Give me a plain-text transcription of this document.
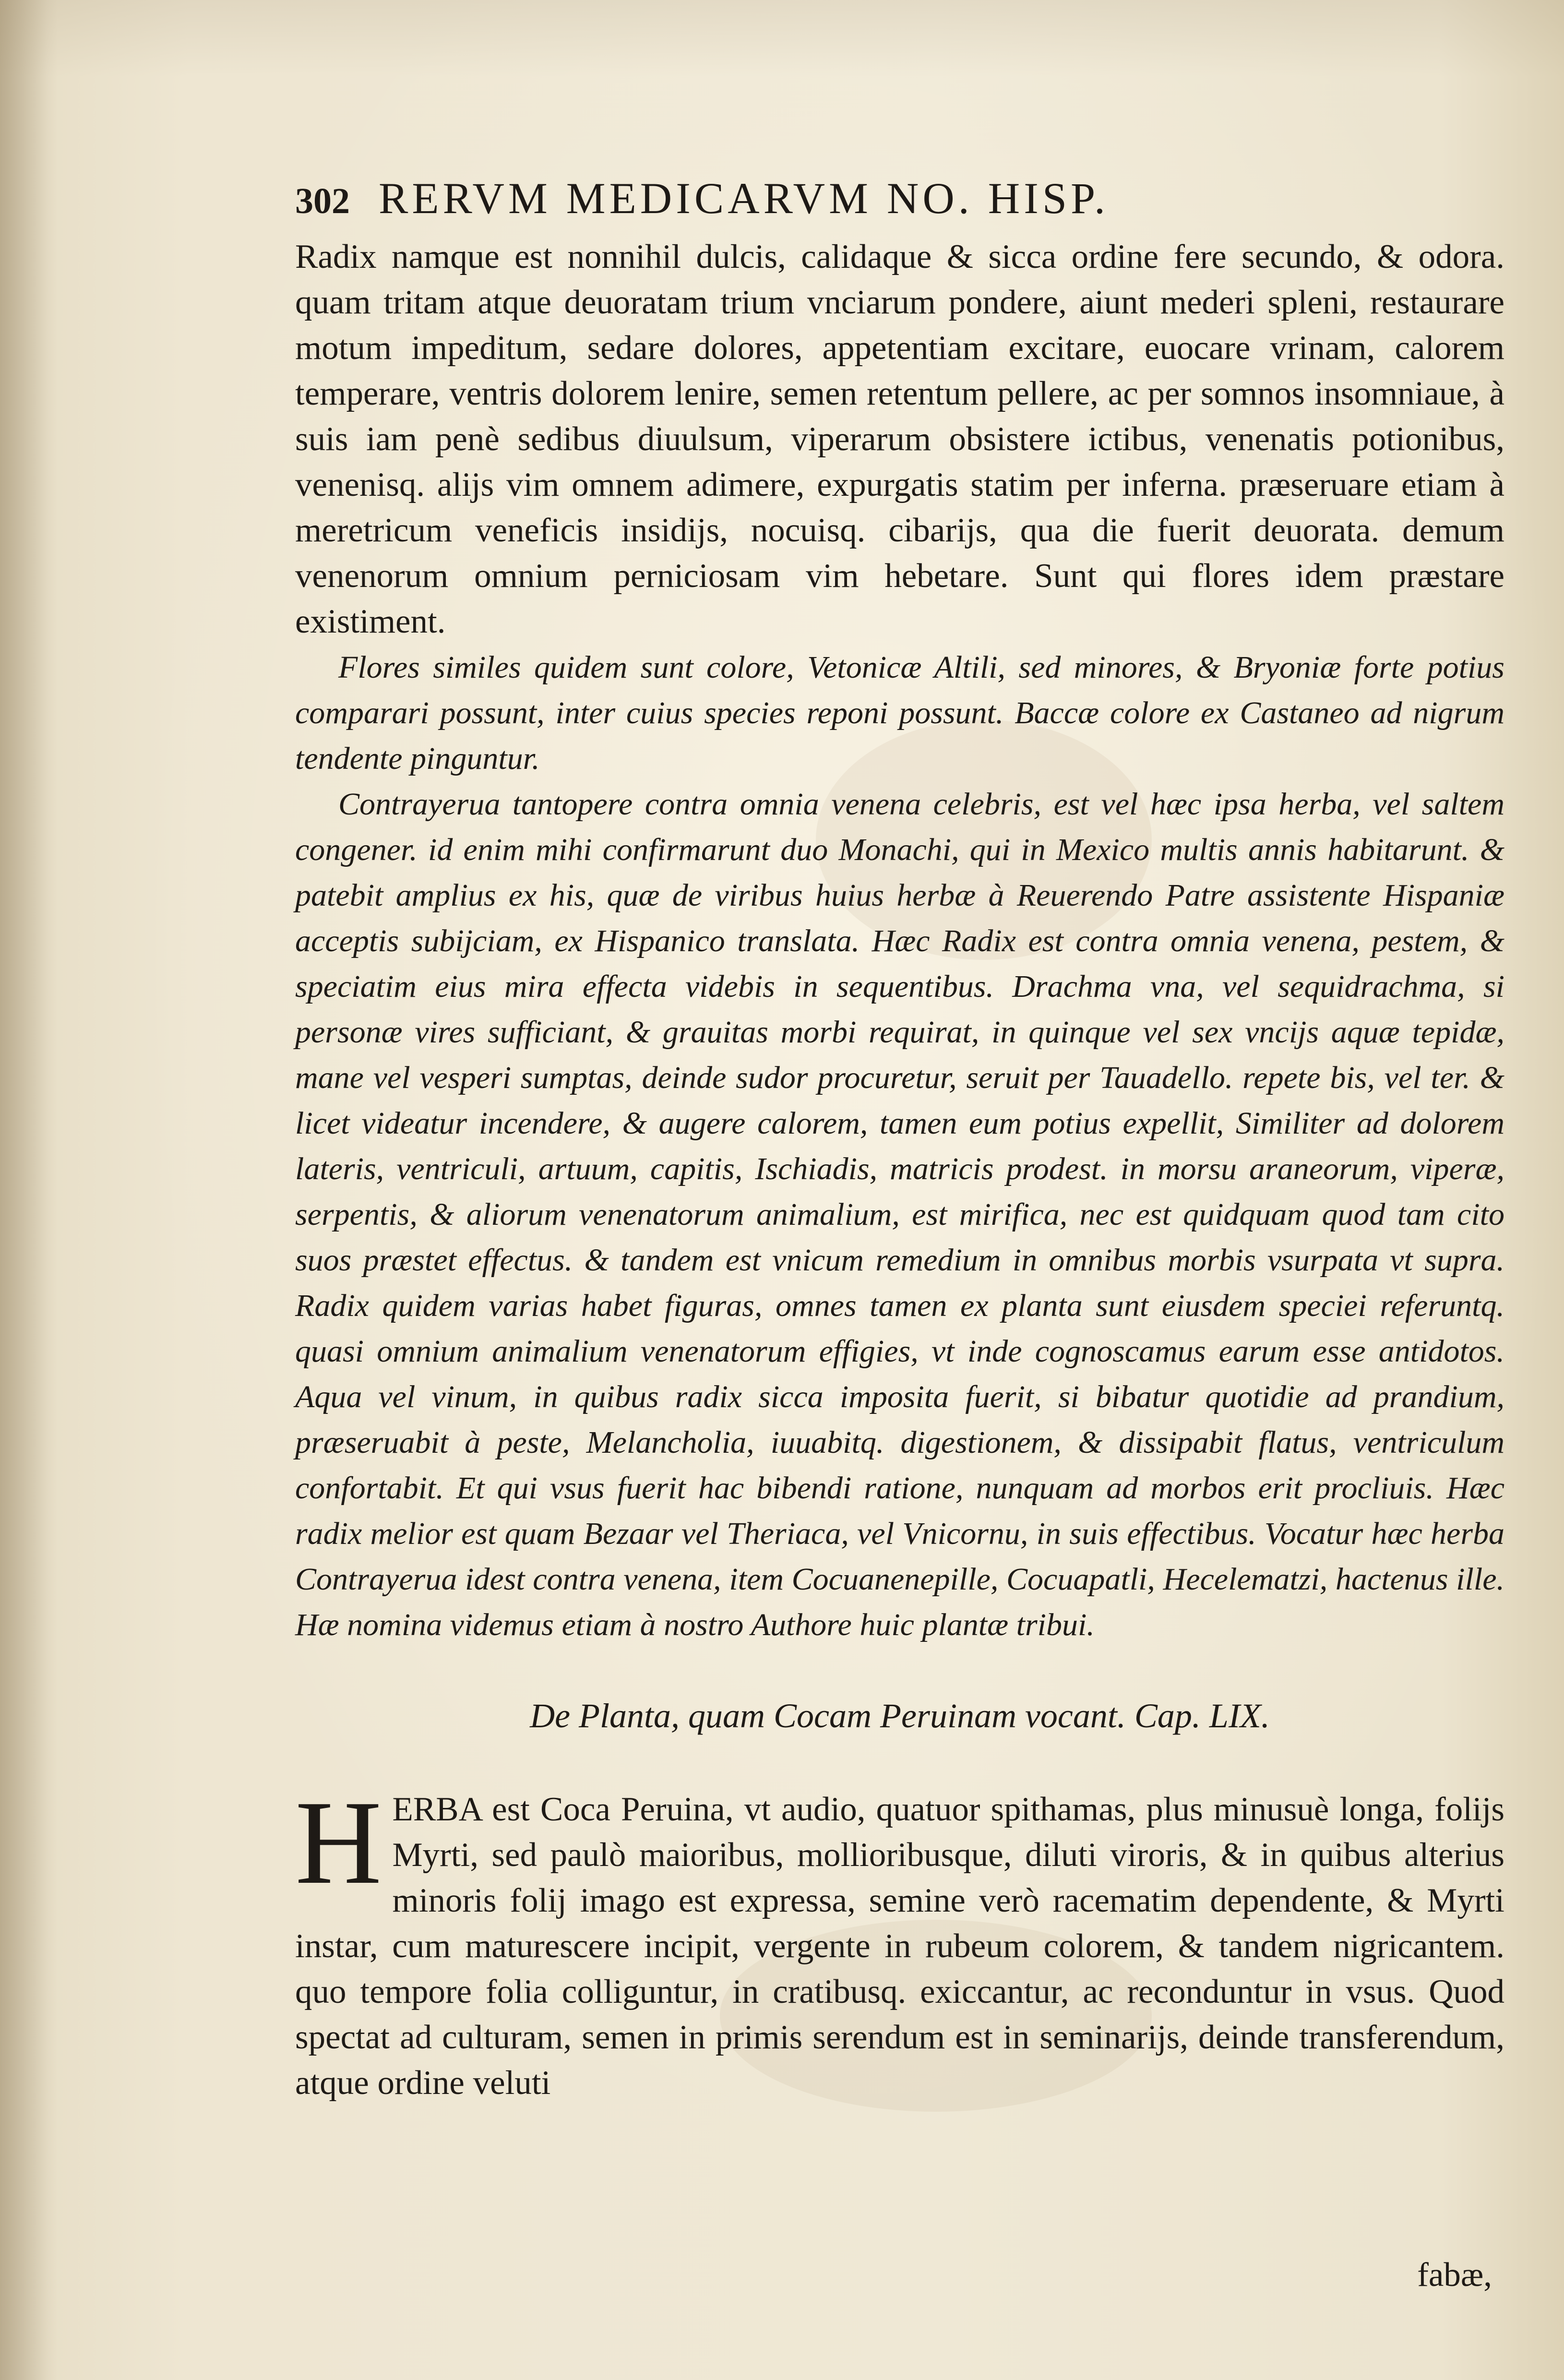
302 RERVM MEDICARVM NO. HISP.

Radix namque est nonnihil dulcis, calidaque & sicca ordine fere secundo, & odora. quam tritam atque deuoratam trium vnciarum pondere, aiunt mederi spleni, restaurare motum impeditum, sedare dolores, appetentiam excitare, euocare vrinam, calorem temperare, ventris dolorem lenire, semen retentum pellere, ac per somnos insomniaue, à suis iam penè sedibus diuulsum, viperarum obsistere ictibus, venenatis potionibus, venenisq. alijs vim omnem adimere, expurgatis statim per inferna. præseruare etiam à meretricum veneficis insidijs, nocuisq. cibarijs, qua die fuerit deuorata. demum venenorum omnium perniciosam vim hebetare. Sunt qui flores idem præstare existiment.

Flores similes quidem sunt colore, Vetonicæ Altili, sed minores, & Bryoniæ forte potius comparari possunt, inter cuius species reponi possunt. Baccæ colore ex Castaneo ad nigrum tendente pinguntur.

Contrayerua tantopere contra omnia venena celebris, est vel hæc ipsa herba, vel saltem congener. id enim mihi confirmarunt duo Monachi, qui in Mexico multis annis habitarunt. & patebit amplius ex his, quæ de viribus huius herbæ à Reuerendo Patre assistente Hispaniæ acceptis subijciam, ex Hispanico translata. Hæc Radix est contra omnia venena, pestem, & speciatim eius mira effecta videbis in sequentibus. Drachma vna, vel sequidrachma, si personæ vires sufficiant, & grauitas morbi requirat, in quinque vel sex vncijs aquæ tepidæ, mane vel vesperi sumptas, deinde sudor procuretur, seruit per Tauadello. repete bis, vel ter. & licet videatur incendere, & augere calorem, tamen eum potius expellit, Similiter ad dolorem lateris, ventriculi, artuum, capitis, Ischiadis, matricis prodest. in morsu araneorum, viperæ, serpentis, & aliorum venenatorum animalium, est mirifica, nec est quidquam quod tam cito suos præstet effectus. & tandem est vnicum remedium in omnibus morbis vsurpata vt supra. Radix quidem varias habet figuras, omnes tamen ex planta sunt eiusdem speciei referuntq. quasi omnium animalium venenatorum effigies, vt inde cognoscamus earum esse antidotos. Aqua vel vinum, in quibus radix sicca imposita fuerit, si bibatur quotidie ad prandium, præseruabit à peste, Melancholia, iuuabitq. digestionem, & dissipabit flatus, ventriculum confortabit. Et qui vsus fuerit hac bibendi ratione, nunquam ad morbos erit procliuis. Hæc radix melior est quam Bezaar vel Theriaca, vel Vnicornu, in suis effectibus. Vocatur hæc herba Contrayerua idest contra venena, item Cocuanenepille, Cocuapatli, Hecelematzi, hactenus ille. Hæ nomina videmus etiam à nostro Authore huic plantæ tribui.

De Planta, quam Cocam Peruinam vocant. Cap. LIX.

H ERBA est Coca Peruina, vt audio, quatuor spithamas, plus minusuè longa, folijs Myrti, sed paulò maioribus, mollioribusque, diluti viroris, & in quibus alterius minoris folij imago est expressa, semine verò racematim dependente, & Myrti instar, cum maturescere incipit, vergente in rubeum colorem, & tandem nigricantem. quo tempore folia colliguntur, in cratibusq. exiccantur, ac reconduntur in vsus. Quod spectat ad culturam, semen in primis serendum est in seminarijs, deinde transferendum, atque ordine veluti

fabæ,
